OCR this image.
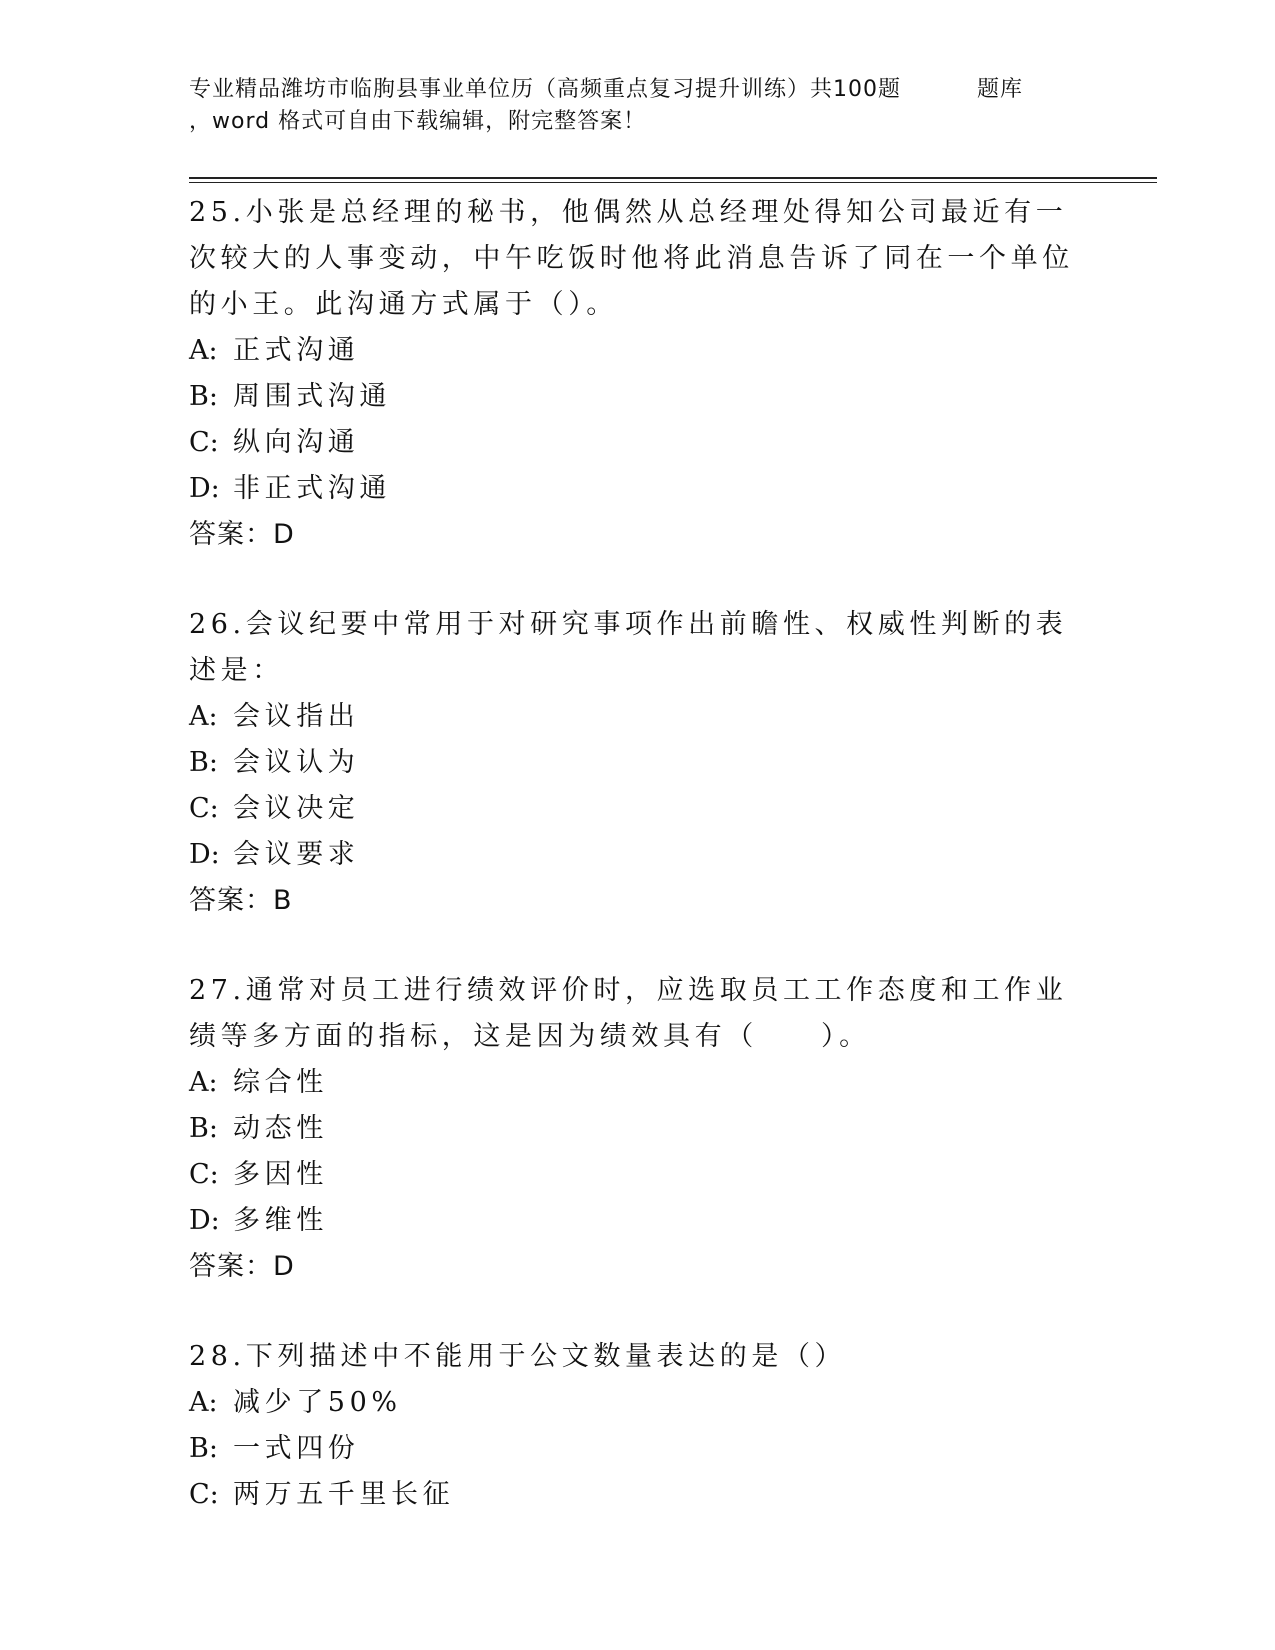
专业精品潍坊市临朐县事业单位历（高频重点复习提升训练）共100题	题库
，word 格式可自由下载编辑，附完整答案！

25.小张是总经理的秘书，他偶然从总经理处得知公司最近有一次较大的人事变动，中午吃饭时他将此消息告诉了同在一个单位的小王。此沟通方式属于（）。

A: 正式沟通
B: 周围式沟通
C: 纵向沟通
D: 非正式沟通
答案： D

26.会议纪要中常用于对研究事项作出前瞻性、权威性判断的表述是：

A: 会议指出
B: 会议认为
C: 会议决定
D: 会议要求
答案： B

27.通常对员工进行绩效评价时，应选取员工工作态度和工作业绩等多方面的指标，这是因为绩效具有（　　）。

A: 综合性
B: 动态性
C: 多因性
D: 多维性
答案： D

28.下列描述中不能用于公文数量表达的是（）

A: 减少了50%
B: 一式四份
C: 两万五千里长征
